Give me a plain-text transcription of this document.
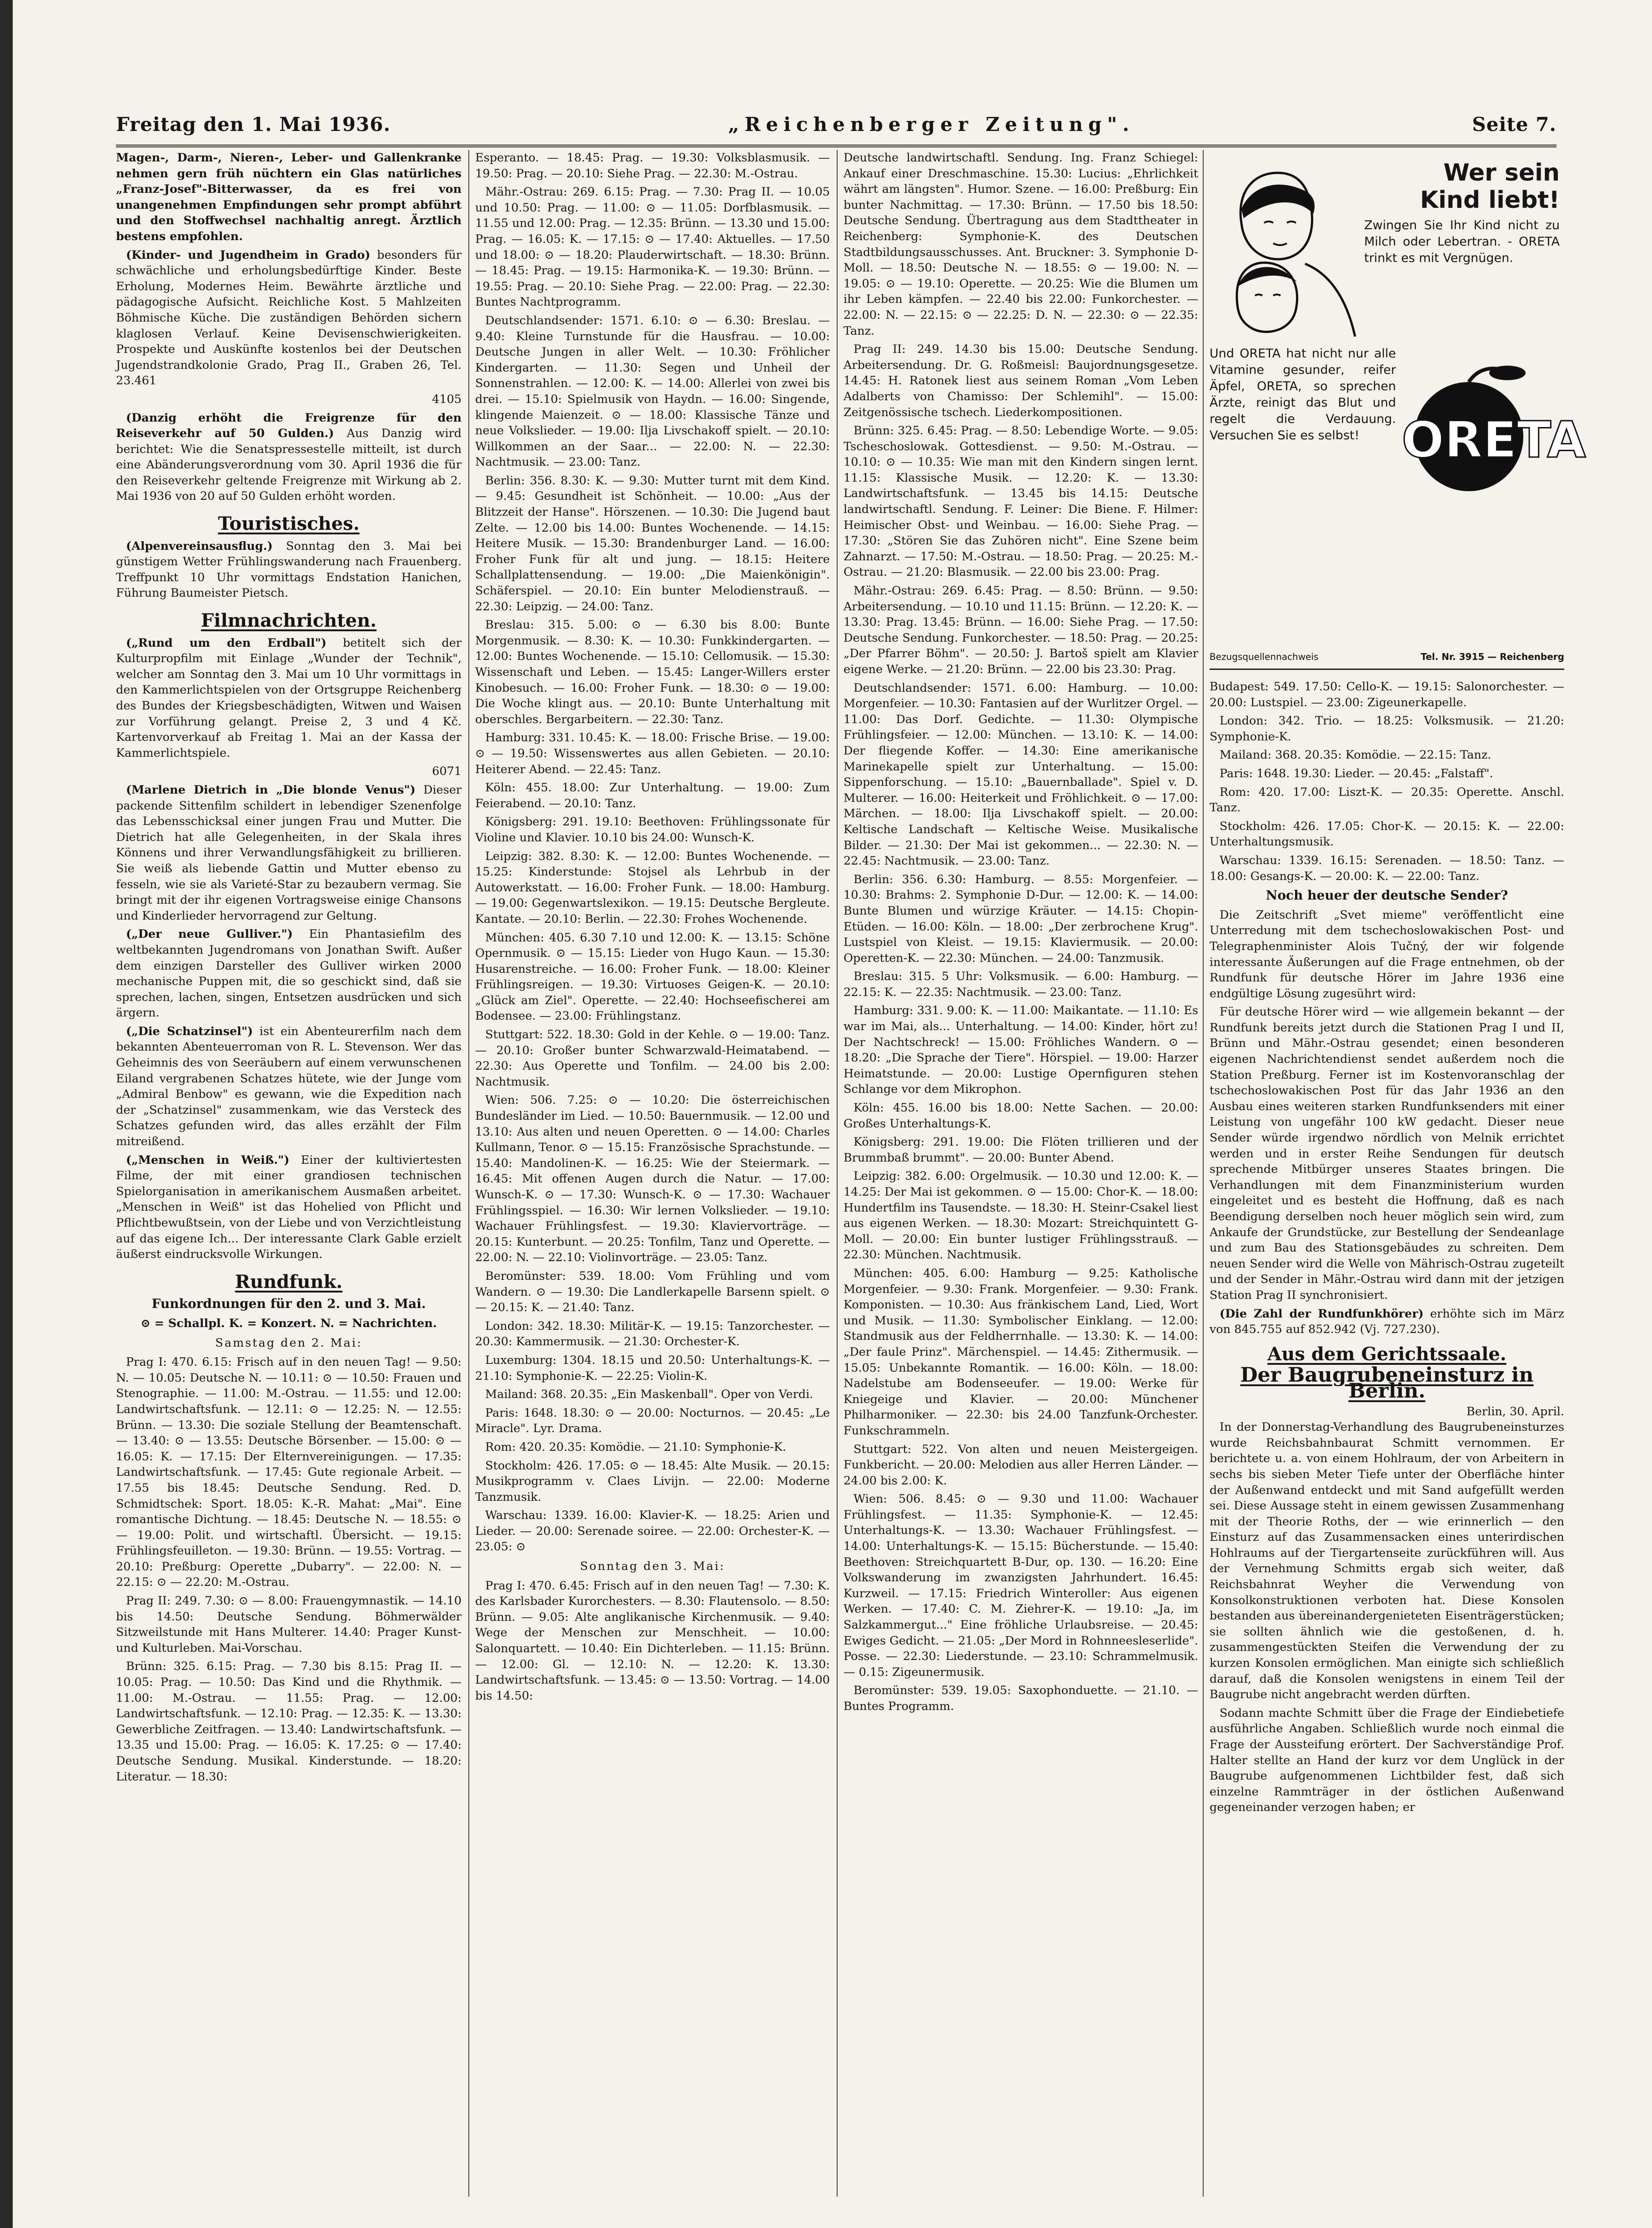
Freitag den 1. Mai 1936.	„Reichenberger Zeitung".	Seite 7.

Magen-, Darm-, Nieren-, Leber- und Gallenkranke nehmen gern früh nüchtern ein Glas natürliches „Franz-Josef"-Bitterwasser, da es frei von unangenehmen Empfindungen sehr prompt abführt und den Stoffwechsel nachhaltig anregt. Ärztlich bestens empfohlen.

(Kinder- und Jugendheim in Grado) besonders für schwächliche und erholungsbedürftige Kinder. Beste Erholung, Modernes Heim. Bewährte ärztliche und pädagogische Aufsicht. Reichliche Kost. 5 Mahlzeiten Böhmische Küche. Die zuständigen Behörden sichern klaglosen Verlauf. Keine Devisenschwierigkeiten. Prospekte und Auskünfte kostenlos bei der Deutschen Jugendstrandkolonie Grado, Prag II., Graben 26, Tel. 23.461

4105

(Danzig erhöht die Freigrenze für den Reiseverkehr auf 50 Gulden.) Aus Danzig wird berichtet: Wie die Senatspressestelle mitteilt, ist durch eine Abänderungsverordnung vom 30. April 1936 die für den Reiseverkehr geltende Freigrenze mit Wirkung ab 2. Mai 1936 von 20 auf 50 Gulden erhöht worden.

Touristisches.

(Alpenvereinsausflug.) Sonntag den 3. Mai bei günstigem Wetter Frühlingswanderung nach Frauenberg. Treffpunkt 10 Uhr vormittags Endstation Hanichen, Führung Baumeister Pietsch.

Filmnachrichten.

(„Rund um den Erdball") betitelt sich der Kulturpropfilm mit Einlage „Wunder der Technik", welcher am Sonntag den 3. Mai um 10 Uhr vormittags in den Kammerlichtspielen von der Ortsgruppe Reichenberg des Bundes der Kriegsbeschädigten, Witwen und Waisen zur Vorführung gelangt. Preise 2, 3 und 4 Kč. Kartenvorverkauf ab Freitag 1. Mai an der Kassa der Kammerlichtspiele.

6071

(Marlene Dietrich in „Die blonde Venus") Dieser packende Sittenfilm schildert in lebendiger Szenenfolge das Lebensschicksal einer jungen Frau und Mutter. Die Dietrich hat alle Gelegenheiten, in der Skala ihres Könnens und ihrer Verwandlungsfähigkeit zu brillieren. Sie weiß als liebende Gattin und Mutter ebenso zu fesseln, wie sie als Varieté-Star zu bezaubern vermag. Sie bringt mit der ihr eigenen Vortragsweise einige Chansons und Kinderlieder hervorragend zur Geltung.

(„Der neue Gulliver.") Ein Phantasiefilm des weltbekannten Jugendromans von Jonathan Swift. Außer dem einzigen Darsteller des Gulliver wirken 2000 mechanische Puppen mit, die so geschickt sind, daß sie sprechen, lachen, singen, Entsetzen ausdrücken und sich ärgern.

(„Die Schatzinsel") ist ein Abenteurerfilm nach dem bekannten Abenteuerroman von R. L. Stevenson. Wer das Geheimnis des von Seeräubern auf einem verwunschenen Eiland vergrabenen Schatzes hütete, wie der Junge vom „Admiral Benbow" es gewann, wie die Expedition nach der „Schatzinsel" zusammenkam, wie das Versteck des Schatzes gefunden wird, das alles erzählt der Film mitreißend.

(„Menschen in Weiß.") Einer der kultiviertesten Filme, der mit einer grandiosen technischen Spielorganisation in amerikanischem Ausmaßen arbeitet. „Menschen in Weiß" ist das Hohelied von Pflicht und Pflichtbewußtsein, von der Liebe und von Verzichtleistung auf das eigene Ich... Der interessante Clark Gable erzielt äußerst eindrucksvolle Wirkungen.

Rundfunk.
Funkordnungen für den 2. und 3. Mai.
⊙ = Schallpl. K. = Konzert. N. = Nachrichten.
Samstag den 2. Mai:

Prag I: 470. 6.15: Frisch auf in den neuen Tag! — 9.50: N. — 10.05: Deutsche N. — 10.11: ⊙ — 10.50: Frauen und Stenographie. — 11.00: M.-Ostrau. — 11.55: und 12.00: Landwirtschaftsfunk. — 12.11: ⊙ — 12.25: N. — 12.55: Brünn. — 13.30: Die soziale Stellung der Beamtenschaft. — 13.40: ⊙ — 13.55: Deutsche Börsenber. — 15.00: ⊙ — 16.05: K. — 17.15: Der Elternvereinigungen. — 17.35: Landwirtschaftsfunk. — 17.45: Gute regionale Arbeit. — 17.55 bis 18.45: Deutsche Sendung. Red. D. Schmidtschek: Sport. 18.05: K.-R. Mahat: „Mai". Eine romantische Dichtung. — 18.45: Deutsche N. — 18.55: ⊙ — 19.00: Polit. und wirtschaftl. Übersicht. — 19.15: Frühlingsfeuilleton. — 19.30: Brünn. — 19.55: Vortrag. — 20.10: Preßburg: Operette „Dubarry". — 22.00: N. — 22.15: ⊙ — 22.20: M.-Ostrau.

Prag II: 249. 7.30: ⊙ — 8.00: Frauengymnastik. — 14.10 bis 14.50: Deutsche Sendung. Böhmerwälder Sitzweilstunde mit Hans Multerer. 14.40: Prager Kunst- und Kulturleben. Mai-Vorschau.

Brünn: 325. 6.15: Prag. — 7.30 bis 8.15: Prag II. — 10.05: Prag. — 10.50: Das Kind und die Rhythmik. — 11.00: M.-Ostrau. — 11.55: Prag. — 12.00: Landwirtschaftsfunk. — 12.10: Prag. — 12.35: K. — 13.30: Gewerbliche Zeitfragen. — 13.40: Landwirtschaftsfunk. — 13.35 und 15.00: Prag. — 16.05: K. 17.25: ⊙ — 17.40: Deutsche Sendung. Musikal. Kinderstunde. — 18.20: Literatur. — 18.30:

Esperanto. — 18.45: Prag. — 19.30: Volksblasmusik. — 19.50: Prag. — 20.10: Siehe Prag. — 22.30: M.-Ostrau.

Mähr.-Ostrau: 269. 6.15: Prag. — 7.30: Prag II. — 10.05 und 10.50: Prag. — 11.00: ⊙ — 11.05: Dorfblasmusik. — 11.55 und 12.00: Prag. — 12.35: Brünn. — 13.30 und 15.00: Prag. — 16.05: K. — 17.15: ⊙ — 17.40: Aktuelles. — 17.50 und 18.00: ⊙ — 18.20: Plauderwirtschaft. — 18.30: Brünn. — 18.45: Prag. — 19.15: Harmonika-K. — 19.30: Brünn. — 19.55: Prag. — 20.10: Siehe Prag. — 22.00: Prag. — 22.30: Buntes Nachtprogramm.

Deutschlandsender: 1571. 6.10: ⊙ — 6.30: Breslau. — 9.40: Kleine Turnstunde für die Hausfrau. — 10.00: Deutsche Jungen in aller Welt. — 10.30: Fröhlicher Kindergarten. — 11.30: Segen und Unheil der Sonnenstrahlen. — 12.00: K. — 14.00: Allerlei von zwei bis drei. — 15.10: Spielmusik von Haydn. — 16.00: Singende, klingende Maienzeit. ⊙ — 18.00: Klassische Tänze und neue Volkslieder. — 19.00: Ilja Livschakoff spielt. — 20.10: Willkommen an der Saar... — 22.00: N. — 22.30: Nachtmusik. — 23.00: Tanz.

Berlin: 356. 8.30: K. — 9.30: Mutter turnt mit dem Kind. — 9.45: Gesundheit ist Schönheit. — 10.00: „Aus der Blitzzeit der Hanse". Hörszenen. — 10.30: Die Jugend baut Zelte. — 12.00 bis 14.00: Buntes Wochenende. — 14.15: Heitere Musik. — 15.30: Brandenburger Land. — 16.00: Froher Funk für alt und jung. — 18.15: Heitere Schallplattensendung. — 19.00: „Die Maienkönigin". Schäferspiel. — 20.10: Ein bunter Melodienstrauß. — 22.30: Leipzig. — 24.00: Tanz.

Breslau: 315. 5.00: ⊙ — 6.30 bis 8.00: Bunte Morgenmusik. — 8.30: K. — 10.30: Funkkindergarten. — 12.00: Buntes Wochenende. — 15.10: Cellomusik. — 15.30: Wissenschaft und Leben. — 15.45: Langer-Willers erster Kinobesuch. — 16.00: Froher Funk. — 18.30: ⊙ — 19.00: Die Woche klingt aus. — 20.10: Bunte Unterhaltung mit oberschles. Bergarbeitern. — 22.30: Tanz.

Hamburg: 331. 10.45: K. — 18.00: Frische Brise. — 19.00: ⊙ — 19.50: Wissenswertes aus allen Gebieten. — 20.10: Heiterer Abend. — 22.45: Tanz.

Köln: 455. 18.00: Zur Unterhaltung. — 19.00: Zum Feierabend. — 20.10: Tanz.

Königsberg: 291. 19.10: Beethoven: Frühlingssonate für Violine und Klavier. 10.10 bis 24.00: Wunsch-K.

Leipzig: 382. 8.30: K. — 12.00: Buntes Wochenende. — 15.25: Kinderstunde: Stojsel als Lehrbub in der Autowerkstatt. — 16.00: Froher Funk. — 18.00: Hamburg. — 19.00: Gegenwartslexikon. — 19.15: Deutsche Bergleute. Kantate. — 20.10: Berlin. — 22.30: Frohes Wochenende.

München: 405. 6.30 7.10 und 12.00: K. — 13.15: Schöne Opernmusik. ⊙ — 15.15: Lieder von Hugo Kaun. — 15.30: Husarenstreiche. — 16.00: Froher Funk. — 18.00: Kleiner Frühlingsreigen. — 19.30: Virtuoses Geigen-K. — 20.10: „Glück am Ziel". Operette. — 22.40: Hochseefischerei am Bodensee. — 23.00: Frühlingstanz.

Stuttgart: 522. 18.30: Gold in der Kehle. ⊙ — 19.00: Tanz. — 20.10: Großer bunter Schwarzwald-Heimatabend. — 22.30: Aus Operette und Tonfilm. — 24.00 bis 2.00: Nachtmusik.

Wien: 506. 7.25: ⊙ — 10.20: Die österreichischen Bundesländer im Lied. — 10.50: Bauernmusik. — 12.00 und 13.10: Aus alten und neuen Operetten. ⊙ — 14.00: Charles Kullmann, Tenor. ⊙ — 15.15: Französische Sprachstunde. — 15.40: Mandolinen-K. — 16.25: Wie der Steiermark. — 16.45: Mit offenen Augen durch die Natur. — 17.00: Wunsch-K. ⊙ — 17.30: Wunsch-K. ⊙ — 17.30: Wachauer Frühlingsspiel. — 16.30: Wir lernen Volkslieder. — 19.10: Wachauer Frühlingsfest. — 19.30: Klaviervorträge. — 20.15: Kunterbunt. — 20.25: Tonfilm, Tanz und Operette. — 22.00: N. — 22.10: Violinvorträge. — 23.05: Tanz.

Beromünster: 539. 18.00: Vom Frühling und vom Wandern. ⊙ — 19.30: Die Landlerkapelle Barsenn spielt. ⊙ — 20.15: K. — 21.40: Tanz.

London: 342. 18.30: Militär-K. — 19.15: Tanzorchester. — 20.30: Kammermusik. — 21.30: Orchester-K.

Luxemburg: 1304. 18.15 und 20.50: Unterhaltungs-K. — 21.10: Symphonie-K. — 22.25: Violin-K.

Mailand: 368. 20.35: „Ein Maskenball". Oper von Verdi.

Paris: 1648. 18.30: ⊙ — 20.00: Nocturnos. — 20.45: „Le Miracle". Lyr. Drama.

Rom: 420. 20.35: Komödie. — 21.10: Symphonie-K.

Stockholm: 426. 17.05: ⊙ — 18.45: Alte Musik. — 20.15: Musikprogramm v. Claes Livijn. — 22.00: Moderne Tanzmusik.

Warschau: 1339. 16.00: Klavier-K. — 18.25: Arien und Lieder. — 20.00: Serenade soiree. — 22.00: Orchester-K. — 23.05: ⊙

Sonntag den 3. Mai:

Prag I: 470. 6.45: Frisch auf in den neuen Tag! — 7.30: K. des Karlsbader Kurorchesters. — 8.30: Flautensolo. — 8.50: Brünn. — 9.05: Alte anglikanische Kirchenmusik. — 9.40: Wege der Menschen zur Menschheit. — 10.00: Salonquartett. — 10.40: Ein Dichterleben. — 11.15: Brünn. — 12.00: Gl. — 12.10: N. — 12.20: K. 13.30: Landwirtschaftsfunk. — 13.45: ⊙ — 13.50: Vortrag. — 14.00 bis 14.50:

Deutsche landwirtschaftl. Sendung. Ing. Franz Schiegel: Ankauf einer Dreschmaschine. 15.30: Lucius: „Ehrlichkeit währt am längsten". Humor. Szene. — 16.00: Preßburg: Ein bunter Nachmittag. — 17.30: Brünn. — 17.50 bis 18.50: Deutsche Sendung. Übertragung aus dem Stadttheater in Reichenberg: Symphonie-K. des Deutschen Stadtbildungsausschusses. Ant. Bruckner: 3. Symphonie D-Moll. — 18.50: Deutsche N. — 18.55: ⊙ — 19.00: N. — 19.05: ⊙ — 19.10: Operette. — 20.25: Wie die Blumen um ihr Leben kämpfen. — 22.40 bis 22.00: Funkorchester. — 22.00: N. — 22.15: ⊙ — 22.25: D. N. — 22.30: ⊙ — 22.35: Tanz.

Prag II: 249. 14.30 bis 15.00: Deutsche Sendung. Arbeitersendung. Dr. G. Roßmeisl: Baujordnungsgesetze. 14.45: H. Ratonek liest aus seinem Roman „Vom Leben Adalberts von Chamisso: Der Schlemihl". — 15.00: Zeitgenössische tschech. Liederkompositionen.

Brünn: 325. 6.45: Prag. — 8.50: Lebendige Worte. — 9.05: Tscheschoslowak. Gottesdienst. — 9.50: M.-Ostrau. — 10.10: ⊙ — 10.35: Wie man mit den Kindern singen lernt. 11.15: Klassische Musik. — 12.20: K. — 13.30: Landwirtschaftsfunk. — 13.45 bis 14.15: Deutsche landwirtschaftl. Sendung. F. Leiner: Die Biene. F. Hilmer: Heimischer Obst- und Weinbau. — 16.00: Siehe Prag. — 17.30: „Stören Sie das Zuhören nicht". Eine Szene beim Zahnarzt. — 17.50: M.-Ostrau. — 18.50: Prag. — 20.25: M.-Ostrau. — 21.20: Blasmusik. — 22.00 bis 23.00: Prag.

Mähr.-Ostrau: 269. 6.45: Prag. — 8.50: Brünn. — 9.50: Arbeitersendung. — 10.10 und 11.15: Brünn. — 12.20: K. — 13.30: Prag. 13.45: Brünn. — 16.00: Siehe Prag. — 17.50: Deutsche Sendung. Funkorchester. — 18.50: Prag. — 20.25: „Der Pfarrer Böhm". — 20.50: J. Bartoš spielt am Klavier eigene Werke. — 21.20: Brünn. — 22.00 bis 23.30: Prag.

Deutschlandsender: 1571. 6.00: Hamburg. — 10.00: Morgenfeier. — 10.30: Fantasien auf der Wurlitzer Orgel. — 11.00: Das Dorf. Gedichte. — 11.30: Olympische Frühlingsfeier. — 12.00: München. — 13.10: K. — 14.00: Der fliegende Koffer. — 14.30: Eine amerikanische Marinekapelle spielt zur Unterhaltung. — 15.00: Sippenforschung. — 15.10: „Bauernballade". Spiel v. D. Multerer. — 16.00: Heiterkeit und Fröhlichkeit. ⊙ — 17.00: Märchen. — 18.00: Ilja Livschakoff spielt. — 20.00: Keltische Landschaft — Keltische Weise. Musikalische Bilder. — 21.30: Der Mai ist gekommen... — 22.30: N. — 22.45: Nachtmusik. — 23.00: Tanz.

Berlin: 356. 6.30: Hamburg. — 8.55: Morgenfeier. — 10.30: Brahms: 2. Symphonie D-Dur. — 12.00: K. — 14.00: Bunte Blumen und würzige Kräuter. — 14.15: Chopin-Etüden. — 16.00: Köln. — 18.00: „Der zerbrochene Krug". Lustspiel von Kleist. — 19.15: Klaviermusik. — 20.00: Operetten-K. — 22.30: München. — 24.00: Tanzmusik.

Breslau: 315. 5 Uhr: Volksmusik. — 6.00: Hamburg. — 22.15: K. — 22.35: Nachtmusik. — 23.00: Tanz.

Hamburg: 331. 9.00: K. — 11.00: Maikantate. — 11.10: Es war im Mai, als... Unterhaltung. — 14.00: Kinder, hört zu! Der Nachtschreck! — 15.00: Fröhliches Wandern. ⊙ — 18.20: „Die Sprache der Tiere". Hörspiel. — 19.00: Harzer Heimatstunde. — 20.00: Lustige Opernfiguren stehen Schlange vor dem Mikrophon.

Köln: 455. 16.00 bis 18.00: Nette Sachen. — 20.00: Großes Unterhaltungs-K.

Königsberg: 291. 19.00: Die Flöten trillieren und der Brummbaß brummt". — 20.00: Bunter Abend.

Leipzig: 382. 6.00: Orgelmusik. — 10.30 und 12.00: K. — 14.25: Der Mai ist gekommen. ⊙ — 15.00: Chor-K. — 18.00: Hundertfilm ins Tausendste. — 18.30: H. Steinr-Csakel liest aus eigenen Werken. — 18.30: Mozart: Streichquintett G-Moll. — 20.00: Ein bunter lustiger Frühlingsstrauß. — 22.30: München. Nachtmusik.

München: 405. 6.00: Hamburg — 9.25: Katholische Morgenfeier. — 9.30: Frank. Morgenfeier. — 9.30: Frank. Komponisten. — 10.30: Aus fränkischem Land, Lied, Wort und Musik. — 11.30: Symbolischer Einklang. — 12.00: Standmusik aus der Feldherrnhalle. — 13.30: K. — 14.00: „Der faule Prinz". Märchenspiel. — 14.45: Zithermusik. — 15.05: Unbekannte Romantik. — 16.00: Köln. — 18.00: Nadelstube am Bodenseeufer. — 19.00: Werke für Kniegeige und Klavier. — 20.00: Münchener Philharmoniker. — 22.30: bis 24.00 Tanzfunk-Orchester. Funkschrammeln.

Stuttgart: 522. Von alten und neuen Meistergeigen. Funkbericht. — 20.00: Melodien aus aller Herren Länder. — 24.00 bis 2.00: K.

Wien: 506. 8.45: ⊙ — 9.30 und 11.00: Wachauer Frühlingsfest. — 11.35: Symphonie-K. — 12.45: Unterhaltungs-K. — 13.30: Wachauer Frühlingsfest. — 14.00: Unterhaltungs-K. — 15.15: Bücherstunde. — 15.40: Beethoven: Streichquartett B-Dur, op. 130. — 16.20: Eine Volkswanderung im zwanzigsten Jahrhundert. 16.45: Kurzweil. — 17.15: Friedrich Winteroller: Aus eigenen Werken. — 17.40: C. M. Ziehrer-K. — 19.10: „Ja, im Salzkammergut..." Eine fröhliche Urlaubsreise. — 20.45: Ewiges Gedicht. — 21.05: „Der Mord in Rohnneesleserlide". Posse. — 22.30: Liederstunde. — 23.10: Schrammelmusik. — 0.15: Zigeunermusik.

Beromünster: 539. 19.05: Saxophonduette. — 21.10. — Buntes Programm.

Wer sein
Kind liebt!
Zwingen Sie Ihr Kind nicht zu Milch oder Lebertran. - ORETA trinkt es mit Vergnügen.
Und ORETA hat nicht nur alle Vitamine gesunder, reifer Äpfel, ORETA, so sprechen Ärzte, reinigt das Blut und regelt die Verdauung. Versuchen Sie es selbst! ORETA
Bezugsquellennachweis	Tel. Nr. 3915 — Reichenberg

Budapest: 549. 17.50: Cello-K. — 19.15: Salonorchester. — 20.00: Lustspiel. — 23.00: Zigeunerkapelle.

London: 342. Trio. — 18.25: Volksmusik. — 21.20: Symphonie-K.

Mailand: 368. 20.35: Komödie. — 22.15: Tanz.

Paris: 1648. 19.30: Lieder. — 20.45: „Falstaff".

Rom: 420. 17.00: Liszt-K. — 20.35: Operette. Anschl. Tanz.

Stockholm: 426. 17.05: Chor-K. — 20.15: K. — 22.00: Unterhaltungsmusik.

Warschau: 1339. 16.15: Serenaden. — 18.50: Tanz. — 18.00: Gesangs-K. — 20.00: K. — 22.00: Tanz.

Noch heuer der deutsche Sender?

Die Zeitschrift „Svet mieme" veröffentlicht eine Unterredung mit dem tschechoslowakischen Post- und Telegraphenminister Alois Tučný, der wir folgende interessante Äußerungen auf die Frage entnehmen, ob der Rundfunk für deutsche Hörer im Jahre 1936 eine endgültige Lösung zugesührt wird:

Für deutsche Hörer wird — wie allgemein bekannt — der Rundfunk bereits jetzt durch die Stationen Prag I und II, Brünn und Mähr.-Ostrau gesendet; einen besonderen eigenen Nachrichtendienst sendet außerdem noch die Station Preßburg. Ferner ist im Kostenvoranschlag der tschechoslowakischen Post für das Jahr 1936 an den Ausbau eines weiteren starken Rundfunksenders mit einer Leistung von ungefähr 100 kW gedacht. Dieser neue Sender würde irgendwo nördlich von Melnik errichtet werden und in erster Reihe Sendungen für deutsch sprechende Mitbürger unseres Staates bringen. Die Verhandlungen mit dem Finanzministerium wurden eingeleitet und es besteht die Hoffnung, daß es nach Beendigung derselben noch heuer möglich sein wird, zum Ankaufe der Grundstücke, zur Bestellung der Sendeanlage und zum Bau des Stationsgebäudes zu schreiten. Dem neuen Sender wird die Welle von Mährisch-Ostrau zugeteilt und der Sender in Mähr.-Ostrau wird dann mit der jetzigen Station Prag II synchronisiert.

(Die Zahl der Rundfunkhörer) erhöhte sich im März von 845.755 auf 852.942 (Vj. 727.230).

Aus dem Gerichtssaale.
Der Baugrubeneinsturz in Berlin.
Berlin, 30. April.

In der Donnerstag-Verhandlung des Baugrubeneinsturzes wurde Reichsbahnbaurat Schmitt vernommen. Er berichtete u. a. von einem Hohlraum, der von Arbeitern in sechs bis sieben Meter Tiefe unter der Oberfläche hinter der Außenwand entdeckt und mit Sand aufgefüllt werden sei. Diese Aussage steht in einem gewissen Zusammenhang mit der Theorie Roths, der — wie erinnerlich — den Einsturz auf das Zusammensacken eines unterirdischen Hohlraums auf der Tiergartenseite zurückführen will. Aus der Vernehmung Schmitts ergab sich weiter, daß Reichsbahnrat Weyher die Verwendung von Konsolkonstruktionen verboten hat. Diese Konsolen bestanden aus übereinandergenieteten Eisenträgerstücken; sie sollten ähnlich wie die gestoßenen, d. h. zusammengestückten Steifen die Verwendung der zu kurzen Konsolen ermöglichen. Man einigte sich schließlich darauf, daß die Konsolen wenigstens in einem Teil der Baugrube nicht angebracht werden dürften.

Sodann machte Schmitt über die Frage der Eindiebetiefe ausführliche Angaben. Schließlich wurde noch einmal die Frage der Aussteifung erörtert. Der Sachverständige Prof. Halter stellte an Hand der kurz vor dem Unglück in der Baugrube aufgenommenen Lichtbilder fest, daß sich einzelne Rammträger in der östlichen Außenwand gegeneinander verzogen haben; er
